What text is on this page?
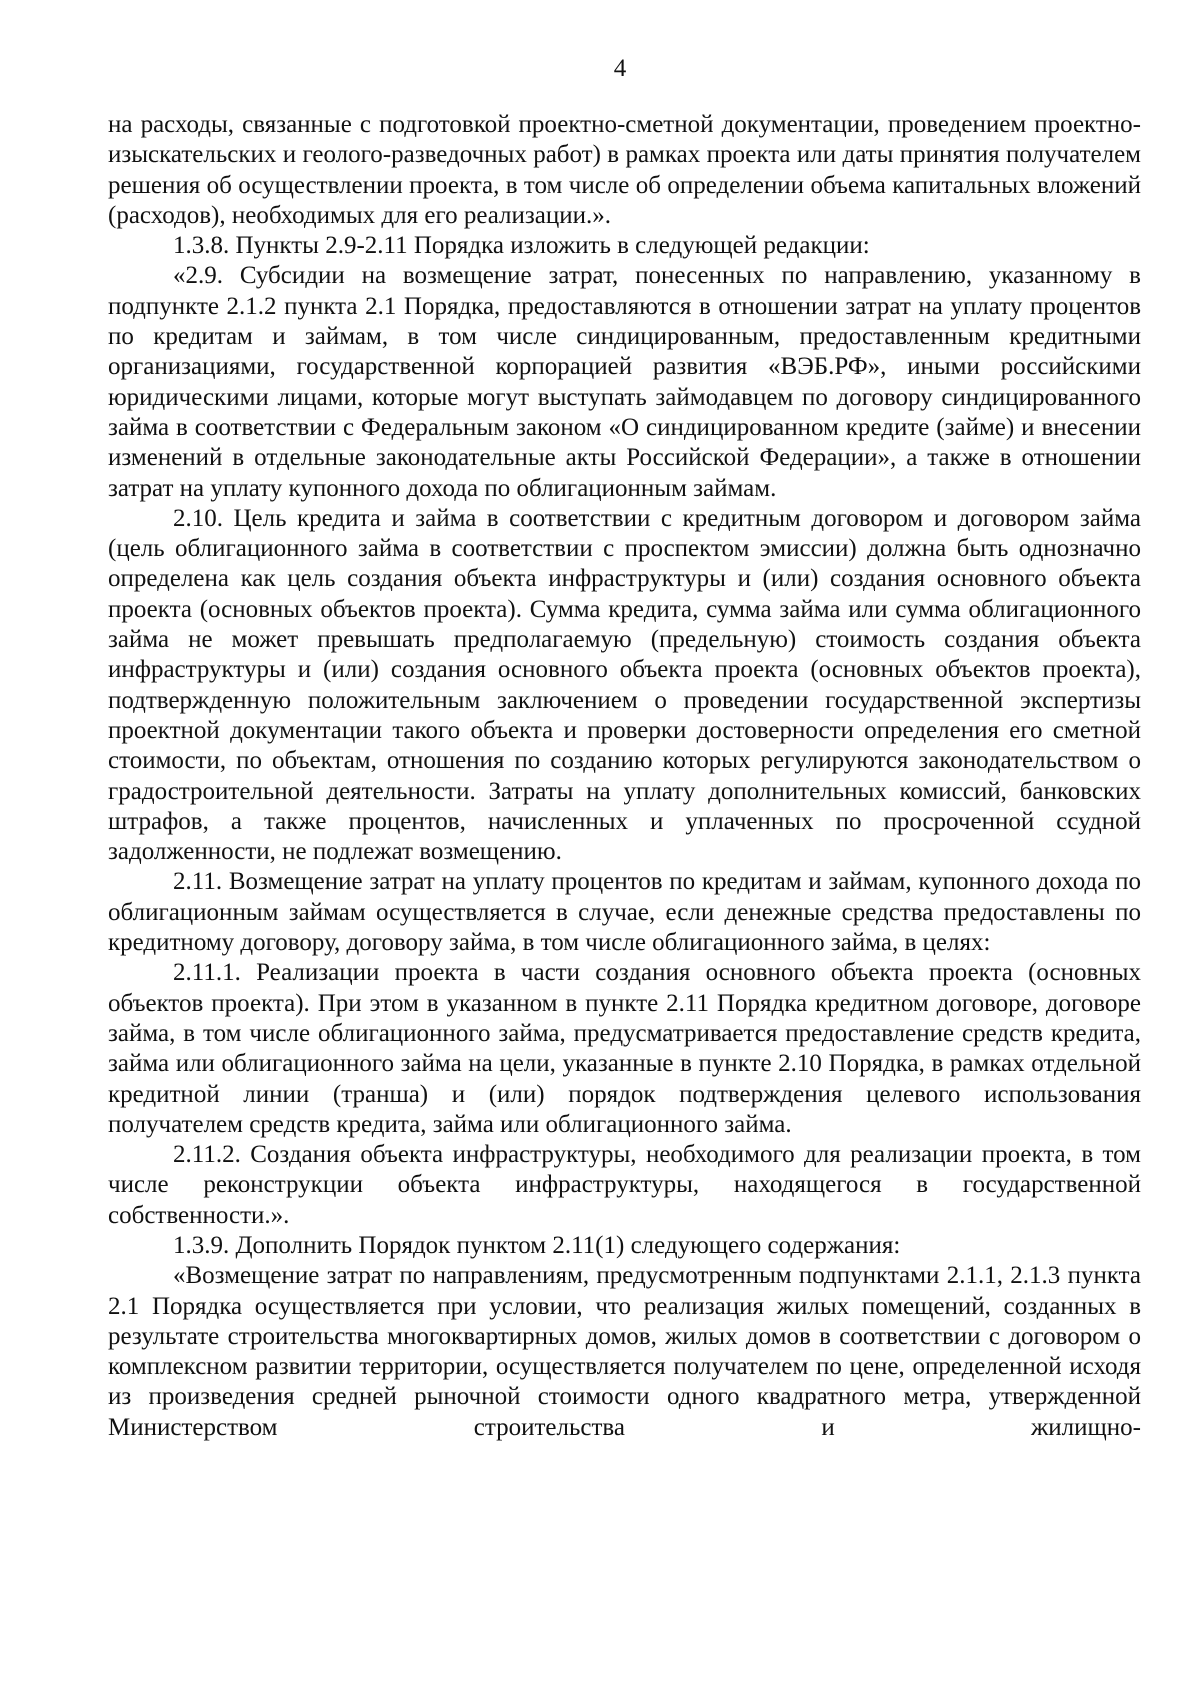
4

на расходы, связанные с подготовкой проектно-сметной документации, проведением проектно-изыскательских и геолого-разведочных работ) в рамках проекта или даты принятия получателем решения об осуществлении проекта, в том числе об определении объема капитальных вложений (расходов), необходимых для его реализации.».

1.3.8. Пункты 2.9-2.11 Порядка изложить в следующей редакции:

«2.9. Субсидии на возмещение затрат, понесенных по направлению, указанному в подпункте 2.1.2 пункта 2.1 Порядка, предоставляются в отношении затрат на уплату процентов по кредитам и займам, в том числе синдицированным, предоставленным кредитными организациями, государственной корпорацией развития «ВЭБ.РФ», иными российскими юридическими лицами, которые могут выступать займодавцем по договору синдицированного займа в соответствии с Федеральным законом «О синдицированном кредите (займе) и внесении изменений в отдельные законодательные акты Российской Федерации», а также в отношении затрат на уплату купонного дохода по облигационным займам.

2.10. Цель кредита и займа в соответствии с кредитным договором и договором займа (цель облигационного займа в соответствии с проспектом эмиссии) должна быть однозначно определена как цель создания объекта инфраструктуры и (или) создания основного объекта проекта (основных объектов проекта). Сумма кредита, сумма займа или сумма облигационного займа не может превышать предполагаемую (предельную) стоимость создания объекта инфраструктуры и (или) создания основного объекта проекта (основных объектов проекта), подтвержденную положительным заключением о проведении государственной экспертизы проектной документации такого объекта и проверки достоверности определения его сметной стоимости, по объектам, отношения по созданию которых регулируются законодательством о градостроительной деятельности. Затраты на уплату дополнительных комиссий, банковских штрафов, а также процентов, начисленных и уплаченных по просроченной ссудной задолженности, не подлежат возмещению.

2.11. Возмещение затрат на уплату процентов по кредитам и займам, купонного дохода по облигационным займам осуществляется в случае, если денежные средства предоставлены по кредитному договору, договору займа, в том числе облигационного займа, в целях:

2.11.1. Реализации проекта в части создания основного объекта проекта (основных объектов проекта). При этом в указанном в пункте 2.11 Порядка кредитном договоре, договоре займа, в том числе облигационного займа, предусматривается предоставление средств кредита, займа или облигационного займа на цели, указанные в пункте 2.10 Порядка, в рамках отдельной кредитной линии (транша) и (или) порядок подтверждения целевого использования получателем средств кредита, займа или облигационного займа.

2.11.2. Создания объекта инфраструктуры, необходимого для реализации проекта, в том числе реконструкции объекта инфраструктуры, находящегося в государственной собственности.».

1.3.9. Дополнить Порядок пунктом 2.11(1) следующего содержания:

«Возмещение затрат по направлениям, предусмотренным подпунктами 2.1.1, 2.1.3 пункта 2.1 Порядка осуществляется при условии, что реализация жилых помещений, созданных в результате строительства многоквартирных домов, жилых домов в соответствии с договором о комплексном развитии территории, осуществляется получателем по цене, определенной исходя из произведения средней рыночной стоимости одного квадратного метра, утвержденной Министерством строительства и жилищно-
